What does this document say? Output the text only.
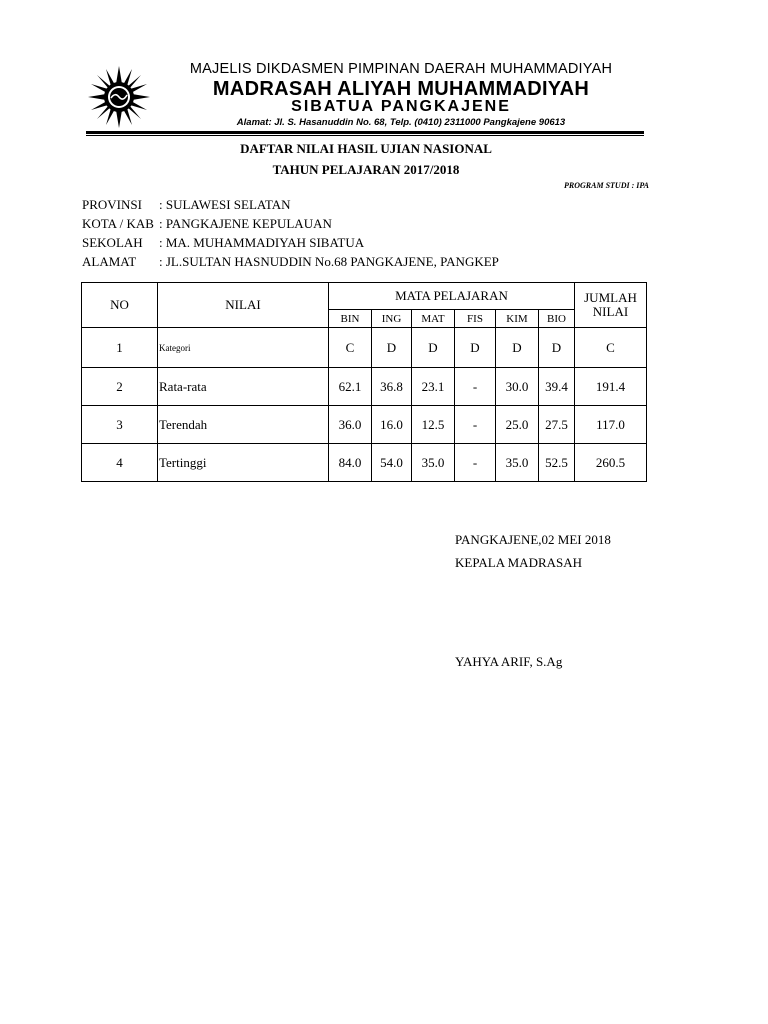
MAJELIS DIKDASMEN PIMPINAN DAERAH MUHAMMADIYAH
MADRASAH ALIYAH MUHAMMADIYAH
SIBATUA PANGKAJENE
Alamat: Jl. S. Hasanuddin No. 68, Telp. (0410) 2311000 Pangkajene 90613
DAFTAR NILAI HASIL UJIAN NASIONAL
TAHUN PELAJARAN 2017/2018
PROGRAM STUDI : IPA
PROVINSI : SULAWESI SELATAN
KOTA / KAB : PANGKAJENE KEPULAUAN
SEKOLAH : MA. MUHAMMADIYAH SIBATUA
ALAMAT : JL.SULTAN HASNUDDIN No.68 PANGKAJENE, PANGKEP
NO	NILAI	MATA PELAJARAN						JUMLAH
NILAI
		BIN	ING	MAT	FIS	KIM	BIO	
1	Kategori	C	D	D	D	D	D	C
2	Rata-rata	62.1	36.8	23.1	-	30.0	39.4	191.4
3	Terendah	36.0	16.0	12.5	-	25.0	27.5	117.0
4	Tertinggi	84.0	54.0	35.0	-	35.0	52.5	260.5
PANGKAJENE,02 MEI 2018
KEPALA MADRASAH
YAHYA ARIF, S.Ag
